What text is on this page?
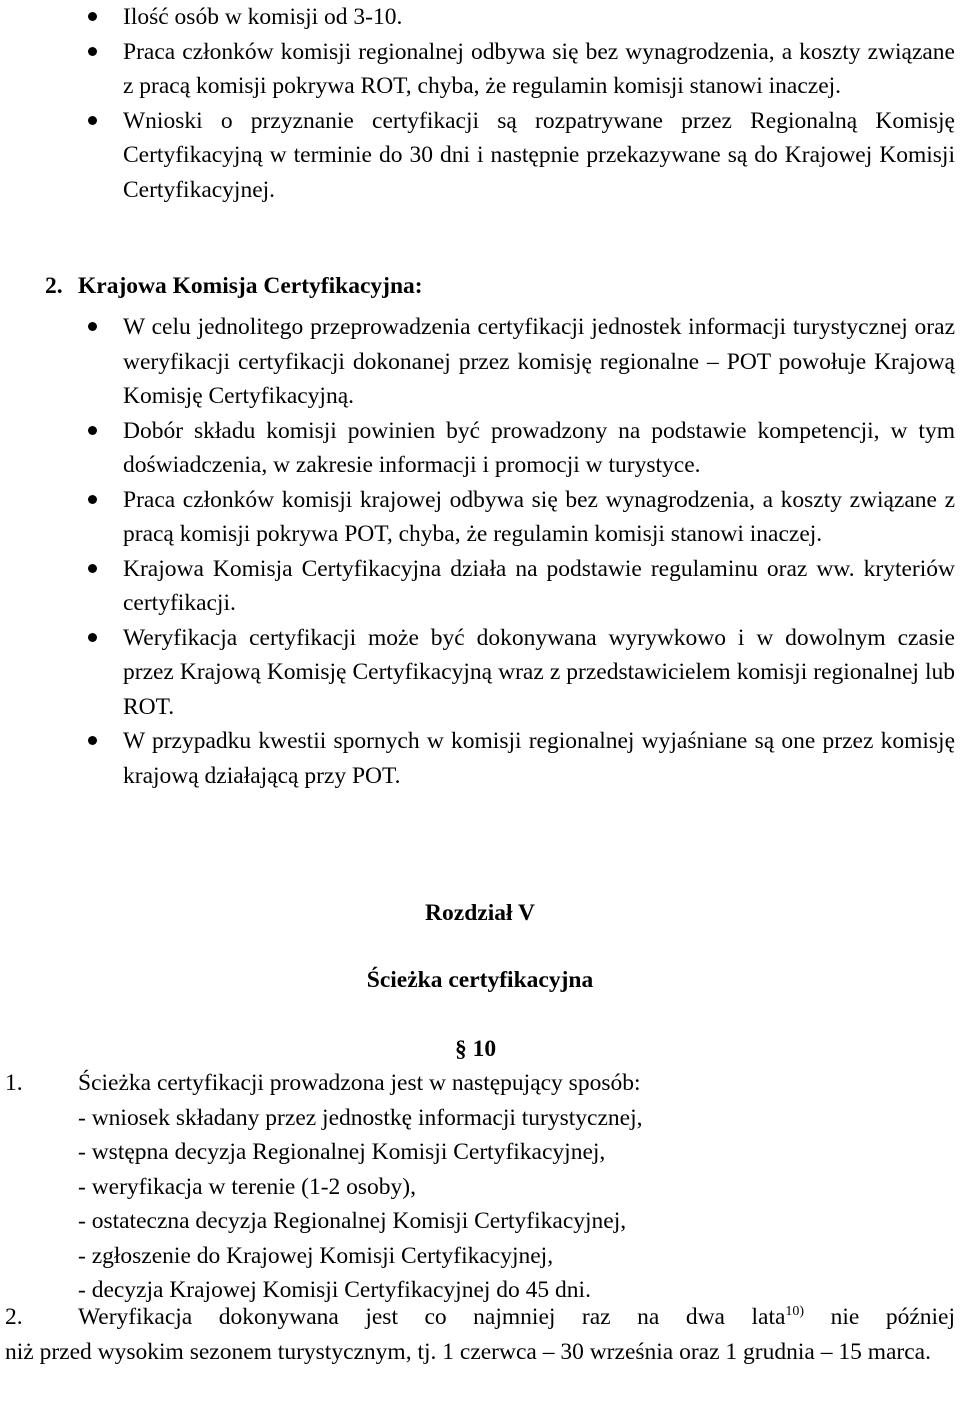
Ilość osób w komisji od 3-10.
Praca członków komisji regionalnej odbywa się bez wynagrodzenia, a koszty związane z pracą komisji pokrywa ROT, chyba, że regulamin komisji stanowi inaczej.
Wnioski o przyznanie certyfikacji są rozpatrywane przez Regionalną Komisję Certyfikacyjną w terminie do 30 dni i następnie przekazywane są do Krajowej Komisji Certyfikacyjnej.
2. Krajowa Komisja Certyfikacyjna:
W celu jednolitego przeprowadzenia certyfikacji jednostek informacji turystycznej oraz weryfikacji certyfikacji dokonanej przez komisję regionalne – POT powołuje Krajową Komisję Certyfikacyjną.
Dobór składu komisji powinien być prowadzony na podstawie kompetencji, w tym doświadczenia, w zakresie informacji i promocji w turystyce.
Praca członków komisji krajowej odbywa się bez wynagrodzenia, a koszty związane z pracą komisji pokrywa POT, chyba, że regulamin komisji stanowi inaczej.
Krajowa Komisja Certyfikacyjna działa na podstawie regulaminu oraz ww. kryteriów certyfikacji.
Weryfikacja certyfikacji może być dokonywana wyrywkowo i w dowolnym czasie przez Krajową Komisję Certyfikacyjną wraz z przedstawicielem komisji regionalnej lub ROT.
W przypadku kwestii spornych w komisji regionalnej wyjaśniane są one przez komisję krajową działającą przy POT.
Rozdział V
Ścieżka certyfikacyjna
§ 10
1. Ścieżka certyfikacji prowadzona jest w następujący sposób:
- wniosek składany przez jednostkę informacji turystycznej,
- wstępna decyzja Regionalnej Komisji Certyfikacyjnej,
- weryfikacja w terenie (1-2 osoby),
- ostateczna decyzja Regionalnej Komisji Certyfikacyjnej,
- zgłoszenie do Krajowej Komisji Certyfikacyjnej,
- decyzja Krajowej Komisji Certyfikacyjnej do 45 dni.
2.	Weryfikacja dokonywana jest co najmniej raz na dwa lata$^{10)}$ nie później
niż przed wysokim sezonem turystycznym, tj. 1 czerwca – 30 września oraz 1 grudnia – 15 marca.
